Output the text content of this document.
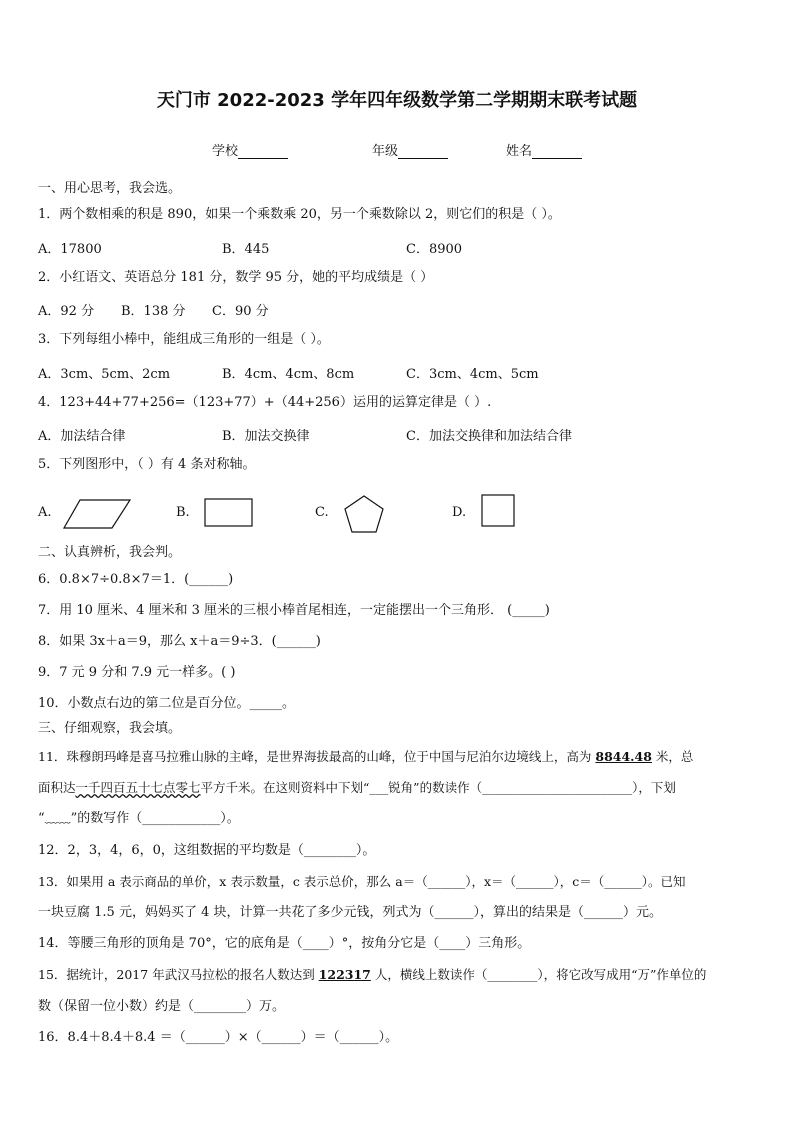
天门市 2022-2023 学年四年级数学第二学期期末联考试题
学校	年级	姓名
一、用心思考，我会选。
1．两个数相乘的积是 890，如果一个乘数乘 20，另一个乘数除以 2，则它们的积是（ ）。
A．17800	B．445	C．8900
2．小红语文、英语总分 181 分，数学 95 分，她的平均成绩是（ ）
A．92 分 B．138 分 C．90 分
3．下列每组小棒中，能组成三角形的一组是（ ）。
A．3cm、5cm、2cm	B．4cm、4cm、8cm	C．3cm、4cm、5cm
4．123+44+77+256=（123+77）+（44+256）运用的运算定律是（ ）.
A．加法结合律	B．加法交换律	C．加法交换律和加法结合律
5．下列图形中，（ ）有 4 条对称轴。
A.	B.	C.	D.
二、认真辨析，我会判。
6．0.8×7÷0.8×7＝1．(______)
7．用 10 厘米、4 厘米和 3 厘米的三根小棒首尾相连，一定能摆出一个三角形． (_____)
8．如果 3x＋a＝9，那么 x＋a＝9÷3．(______)
9．7 元 9 分和 7.9 元一样多。( )
10．小数点右边的第二位是百分位。_____。
三、仔细观察，我会填。
11．珠穆朗玛峰是喜马拉雅山脉的主峰，是世界海拔最高的山峰，位于中国与尼泊尔边境线上，高为 8844.48 米，总
面积达一千四百五十七点零七平方千米。在这则资料中下划“___锐角”的数读作（________________________），下划
“﹏﹏”的数写作（____________）。
12．2，3，4，6，0，这组数据的平均数是（________）。
13．如果用 a 表示商品的单价，x 表示数量，c 表示总价，那么 a＝（______），x＝（______），c＝（______）。已知
一块豆腐 1.5 元，妈妈买了 4 块，计算一共花了多少元钱，列式为（______），算出的结果是（______）元。
14．等腰三角形的顶角是 70°，它的底角是（____）°，按角分它是（____）三角形。
15．据统计，2017 年武汉马拉松的报名人数达到 122317 人，横线上数读作（________），将它改写成用“万”作单位的
数（保留一位小数）约是（________）万。
16．8.4＋8.4＋8.4 ＝（______）×（______）＝（______）。
